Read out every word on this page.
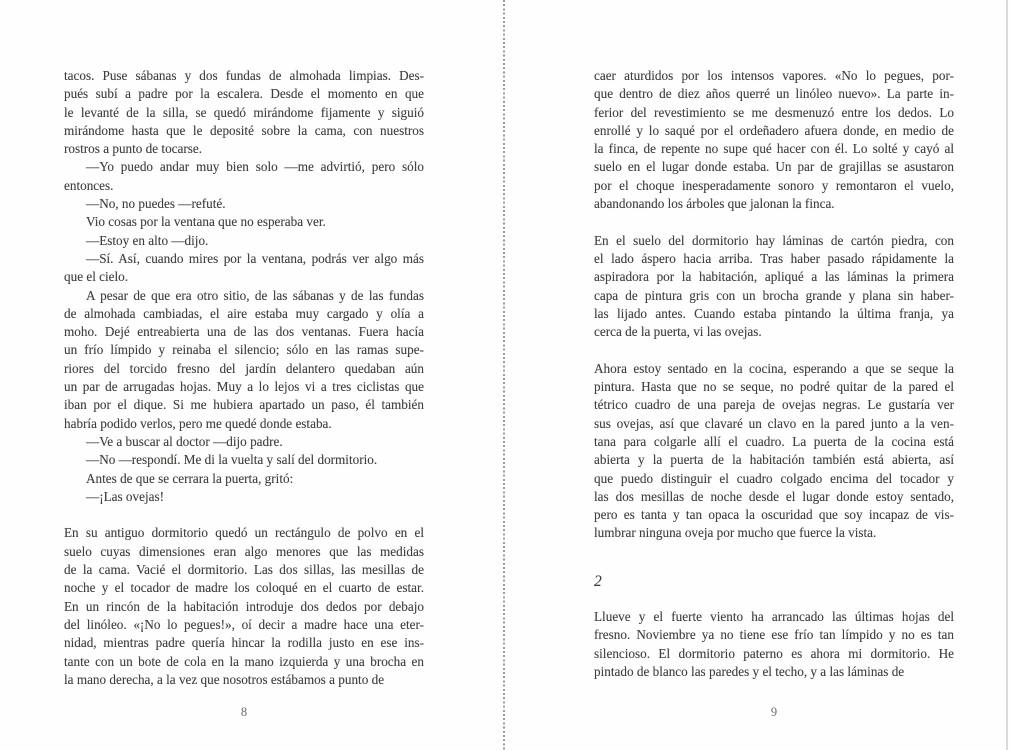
tacos. Puse sábanas y dos fundas de almohada limpias. Des-
pués subí a padre por la escalera. Desde el momento en que
le levanté de la silla, se quedó mirándome fijamente y siguió
mirándome hasta que le deposité sobre la cama, con nuestros
rostros a punto de tocarse.
—Yo puedo andar muy bien solo —me advirtió, pero sólo
entonces.
—No, no puedes —refuté.
Vio cosas por la ventana que no esperaba ver.
—Estoy en alto —dijo.
—Sí. Así, cuando mires por la ventana, podrás ver algo más
que el cielo.
A pesar de que era otro sitio, de las sábanas y de las fundas
de almohada cambiadas, el aire estaba muy cargado y olía a
moho. Dejé entreabierta una de las dos ventanas. Fuera hacía
un frío límpido y reinaba el silencio; sólo en las ramas supe-
riores del torcido fresno del jardín delantero quedaban aún
un par de arrugadas hojas. Muy a lo lejos vi a tres ciclistas que
iban por el dique. Si me hubiera apartado un paso, él también
habría podido verlos, pero me quedé donde estaba.
—Ve a buscar al doctor —dijo padre.
—No —respondí. Me di la vuelta y salí del dormitorio.
Antes de que se cerrara la puerta, gritó:
—¡Las ovejas!
En su antiguo dormitorio quedó un rectángulo de polvo en el
suelo cuyas dimensiones eran algo menores que las medidas
de la cama. Vacié el dormitorio. Las dos sillas, las mesillas de
noche y el tocador de madre los coloqué en el cuarto de estar.
En un rincón de la habitación introduje dos dedos por debajo
del linóleo. «¡No lo pegues!», oí decir a madre hace una eter-
nidad, mientras padre quería hincar la rodilla justo en ese ins-
tante con un bote de cola en la mano izquierda y una brocha en
la mano derecha, a la vez que nosotros estábamos a punto de
8
caer aturdidos por los intensos vapores. «No lo pegues, por-
que dentro de diez años querré un linóleo nuevo». La parte in-
ferior del revestimiento se me desmenuzó entre los dedos. Lo
enrollé y lo saqué por el ordeñadero afuera donde, en medio de
la finca, de repente no supe qué hacer con él. Lo solté y cayó al
suelo en el lugar donde estaba. Un par de grajillas se asustaron
por el choque inesperadamente sonoro y remontaron el vuelo,
abandonando los árboles que jalonan la finca.
En el suelo del dormitorio hay láminas de cartón piedra, con
el lado áspero hacia arriba. Tras haber pasado rápidamente la
aspiradora por la habitación, apliqué a las láminas la primera
capa de pintura gris con un brocha grande y plana sin haber-
las lijado antes. Cuando estaba pintando la última franja, ya
cerca de la puerta, vi las ovejas.
Ahora estoy sentado en la cocina, esperando a que se seque la
pintura. Hasta que no se seque, no podré quitar de la pared el
tétrico cuadro de una pareja de ovejas negras. Le gustaría ver
sus ovejas, así que clavaré un clavo en la pared junto a la ven-
tana para colgarle allí el cuadro. La puerta de la cocina está
abierta y la puerta de la habitación también está abierta, así
que puedo distinguir el cuadro colgado encima del tocador y
las dos mesillas de noche desde el lugar donde estoy sentado,
pero es tanta y tan opaca la oscuridad que soy incapaz de vis-
lumbrar ninguna oveja por mucho que fuerce la vista.
2
Llueve y el fuerte viento ha arrancado las últimas hojas del
fresno. Noviembre ya no tiene ese frío tan límpido y no es tan
silencioso. El dormitorio paterno es ahora mi dormitorio. He
pintado de blanco las paredes y el techo, y a las láminas de
9
